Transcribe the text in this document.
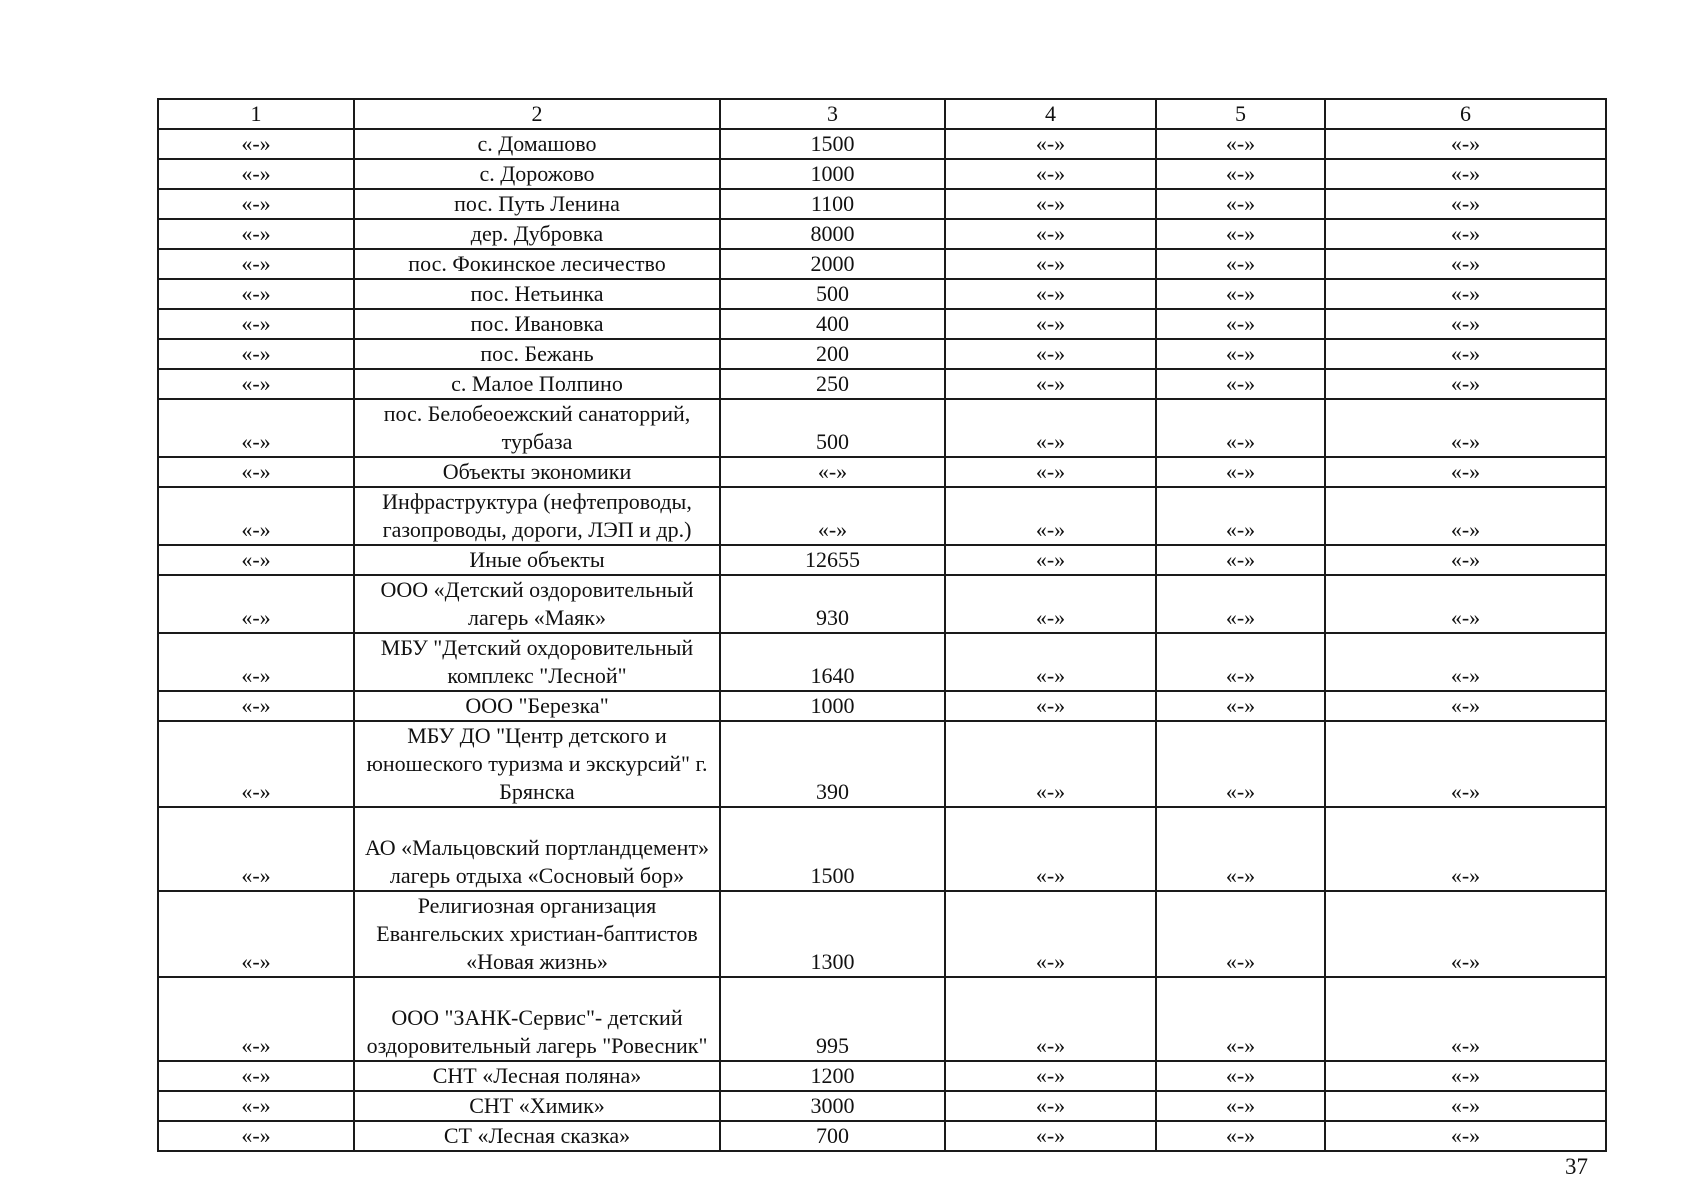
1	2	3	4	5	6
«-»	с. Домашово	1500	«-»	«-»	«-»
«-»	с. Дорожово	1000	«-»	«-»	«-»
«-»	пос. Путь Ленина	1100	«-»	«-»	«-»
«-»	дер. Дубровка	8000	«-»	«-»	«-»
«-»	пос. Фокинское лесичество	2000	«-»	«-»	«-»
«-»	пос. Нетьинка	500	«-»	«-»	«-»
«-»	пос. Ивановка	400	«-»	«-»	«-»
«-»	пос. Бежань	200	«-»	«-»	«-»
«-»	с. Малое Полпино	250	«-»	«-»	«-»
«-»	пос. Белобеоежский санаторрий, турбаза	500	«-»	«-»	«-»
«-»	Объекты экономики	«-»	«-»	«-»	«-»
«-»	Инфраструктура (нефтепроводы, газопроводы, дороги, ЛЭП и др.)	«-»	«-»	«-»	«-»
«-»	Иные объекты	12655	«-»	«-»	«-»
«-»	ООО «Детский оздоровительный лагерь «Маяк»	930	«-»	«-»	«-»
«-»	МБУ "Детский охдоровительный комплекс "Лесной"	1640	«-»	«-»	«-»
«-»	ООО "Березка"	1000	«-»	«-»	«-»
«-»	МБУ ДО "Центр детского и юношеского туризма и экскурсий" г. Брянска	390	«-»	«-»	«-»
«-»	АО «Мальцовский портландцемент» лагерь отдыха «Сосновый бор»	1500	«-»	«-»	«-»
«-»	Религиозная организация Евангельских христиан-баптистов «Новая жизнь»	1300	«-»	«-»	«-»
«-»	ООО "ЗАНК-Сервис"- детский оздоровительный лагерь "Ровесник"	995	«-»	«-»	«-»
«-»	СНТ «Лесная поляна»	1200	«-»	«-»	«-»
«-»	СНТ «Химик»	3000	«-»	«-»	«-»
«-»	СТ «Лесная сказка»	700	«-»	«-»	«-»
37
